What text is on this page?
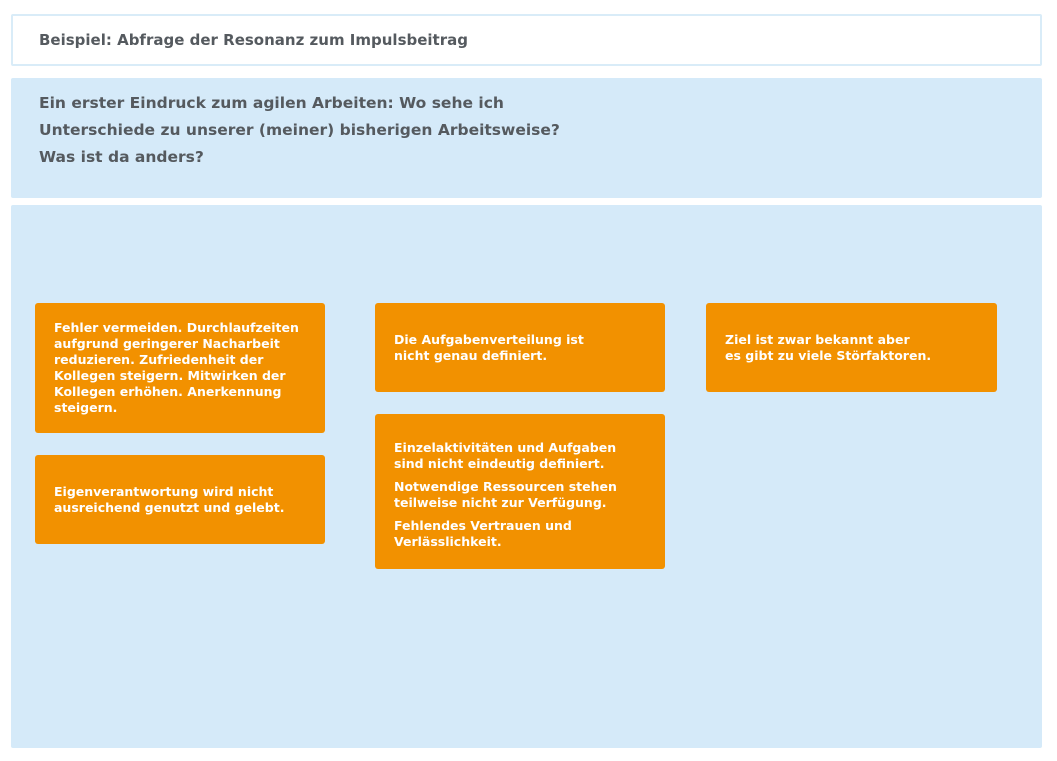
Beispiel: Abfrage der Resonanz zum Impulsbeitrag
Ein erster Eindruck zum agilen Arbeiten: Wo sehe ich
Unterschiede zu unserer (meiner) bisherigen Arbeitsweise?
Was ist da anders?
Fehler vermeiden. Durchlaufzeiten
aufgrund geringerer Nacharbeit
reduzieren. Zufriedenheit der
Kollegen steigern. Mitwirken der
Kollegen erhöhen. Anerkennung
steigern.
Eigenverantwortung wird nicht
ausreichend genutzt und gelebt.
Die Aufgabenverteilung ist
nicht genau definiert.
Einzelaktivitäten und Aufgaben
sind nicht eindeutig definiert.
Notwendige Ressourcen stehen
teilweise nicht zur Verfügung.
Fehlendes Vertrauen und
Verlässlichkeit.
Ziel ist zwar bekannt aber
es gibt zu viele Störfaktoren.
